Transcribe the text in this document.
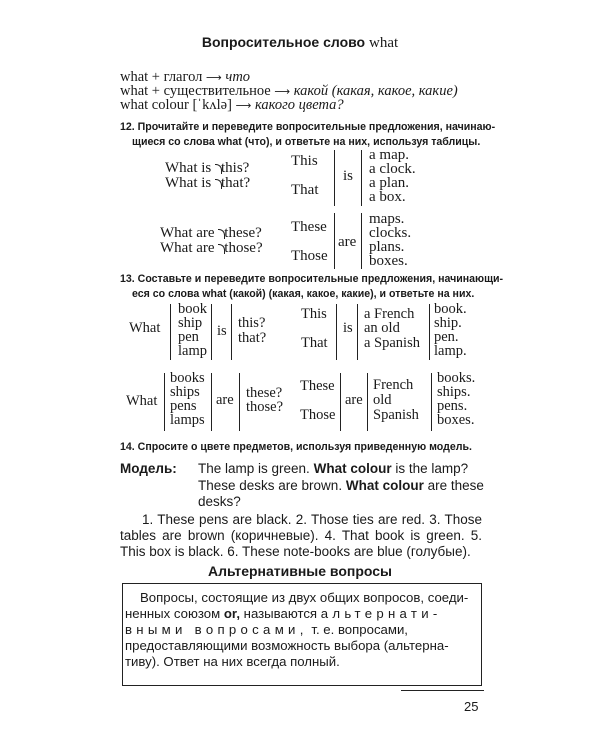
Вопросительное слово what
what + глагол ⟶ что
what + существительное ⟶ какой (какая, какое, какие)
what colour [ˈkʌlə] ⟶ какого цвета?
12. Прочитайте и переведите вопросительные предложения, начинаю-
щиеся со слова what (что), и ответьте на них, используя таблицы.
What is this?
What is that?
This
That
is
a map.
a clock.
a plan.
a box.
What are these?
What are those?
These
Those
are
maps.
clocks.
plans.
boxes.
13. Составьте и переведите вопросительные предложения, начинающи-
еся со слова what (какой) (какая, какое, какие), и ответьте на них.
What
book
ship
pen
lamp
is this?
that?
This
That
is
a French
an old
a Spanish
book.
ship.
pen.
lamp.
What
books
ships
pens
lamps
are these?
those?
These
Those
are
French
old
Spanish
books.
ships.
pens.
boxes.
14. Спросите о цвете предметов, используя приведенную модель.
Модель: The lamp is green. What colour is the lamp? These desks are brown. What colour are these desks?
1. These pens are black. 2. Those ties are red. 3. Those tables are brown (коричневые). 4. That book is green. 5. This box is black. 6. These note-books are blue (голубые).
Альтернативные вопросы
Вопросы, состоящие из двух общих вопросов, соеди-
ненных союзом or, называются альтернати-
вными вопросами, т. е. вопросами,
предоставляющими возможность выбора (альтерна-
тиву). Ответ на них всегда полный.
25
